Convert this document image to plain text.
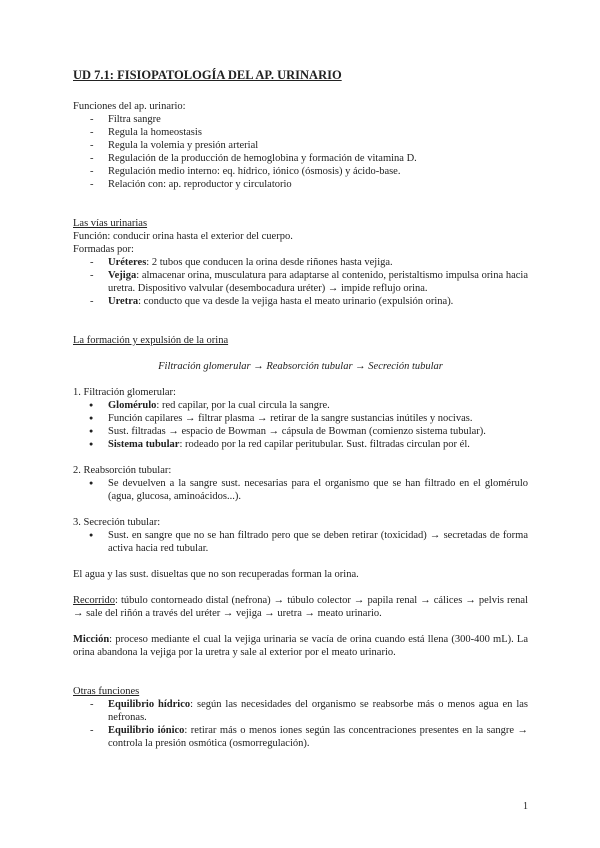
UD 7.1: FISIOPATOLOGÍA DEL AP. URINARIO

Funciones del ap. urinario:

- Filtra sangre
- Regula la homeostasis
- Regula la volemia y presión arterial
- Regulación de la producción de hemoglobina y formación de vitamina D.
- Regulación medio interno: eq. hídrico, iónico (ósmosis) y ácido-base.
- Relación con: ap. reproductor y circulatorio

Las vías urinarias

Función: conducir orina hasta el exterior del cuerpo.

Formadas por:

- Uréteres: 2 tubos que conducen la orina desde riñones hasta vejiga.
- Vejiga: almacenar orina, musculatura para adaptarse al contenido, peristaltismo impulsa orina hacia uretra. Dispositivo valvular (desembocadura uréter) → impide reflujo orina.
- Uretra: conducto que va desde la vejiga hasta el meato urinario (expulsión orina).

La formación y expulsión de la orina

Filtración glomerular → Reabsorción tubular → Secreción tubular

1. Filtración glomerular:

● Glomérulo: red capilar, por la cual circula la sangre.
● Función capilares → filtrar plasma → retirar de la sangre sustancias inútiles y nocivas.
● Sust. filtradas → espacio de Bowman → cápsula de Bowman (comienzo sistema tubular).
● Sistema tubular: rodeado por la red capilar peritubular. Sust. filtradas circulan por él.

2. Reabsorción tubular:

● Se devuelven a la sangre sust. necesarias para el organismo que se han filtrado en el glomérulo (agua, glucosa, aminoácidos...).

3. Secreción tubular:

● Sust. en sangre que no se han filtrado pero que se deben retirar (toxicidad) → secretadas de forma activa hacia red tubular.

El agua y las sust. disueltas que no son recuperadas forman la orina.

Recorrido: túbulo contorneado distal (nefrona) → túbulo colector → papila renal → cálices → pelvis renal → sale del riñón a través del uréter → vejiga → uretra → meato urinario.

Micción: proceso mediante el cual la vejiga urinaria se vacía de orina cuando está llena (300-400 mL). La orina abandona la vejiga por la uretra y sale al exterior por el meato urinario.

Otras funciones

- Equilibrio hídrico: según las necesidades del organismo se reabsorbe más o menos agua en las nefronas.
- Equilibrio iónico: retirar más o menos iones según las concentraciones presentes en la sangre → controla la presión osmótica (osmorregulación).
1
